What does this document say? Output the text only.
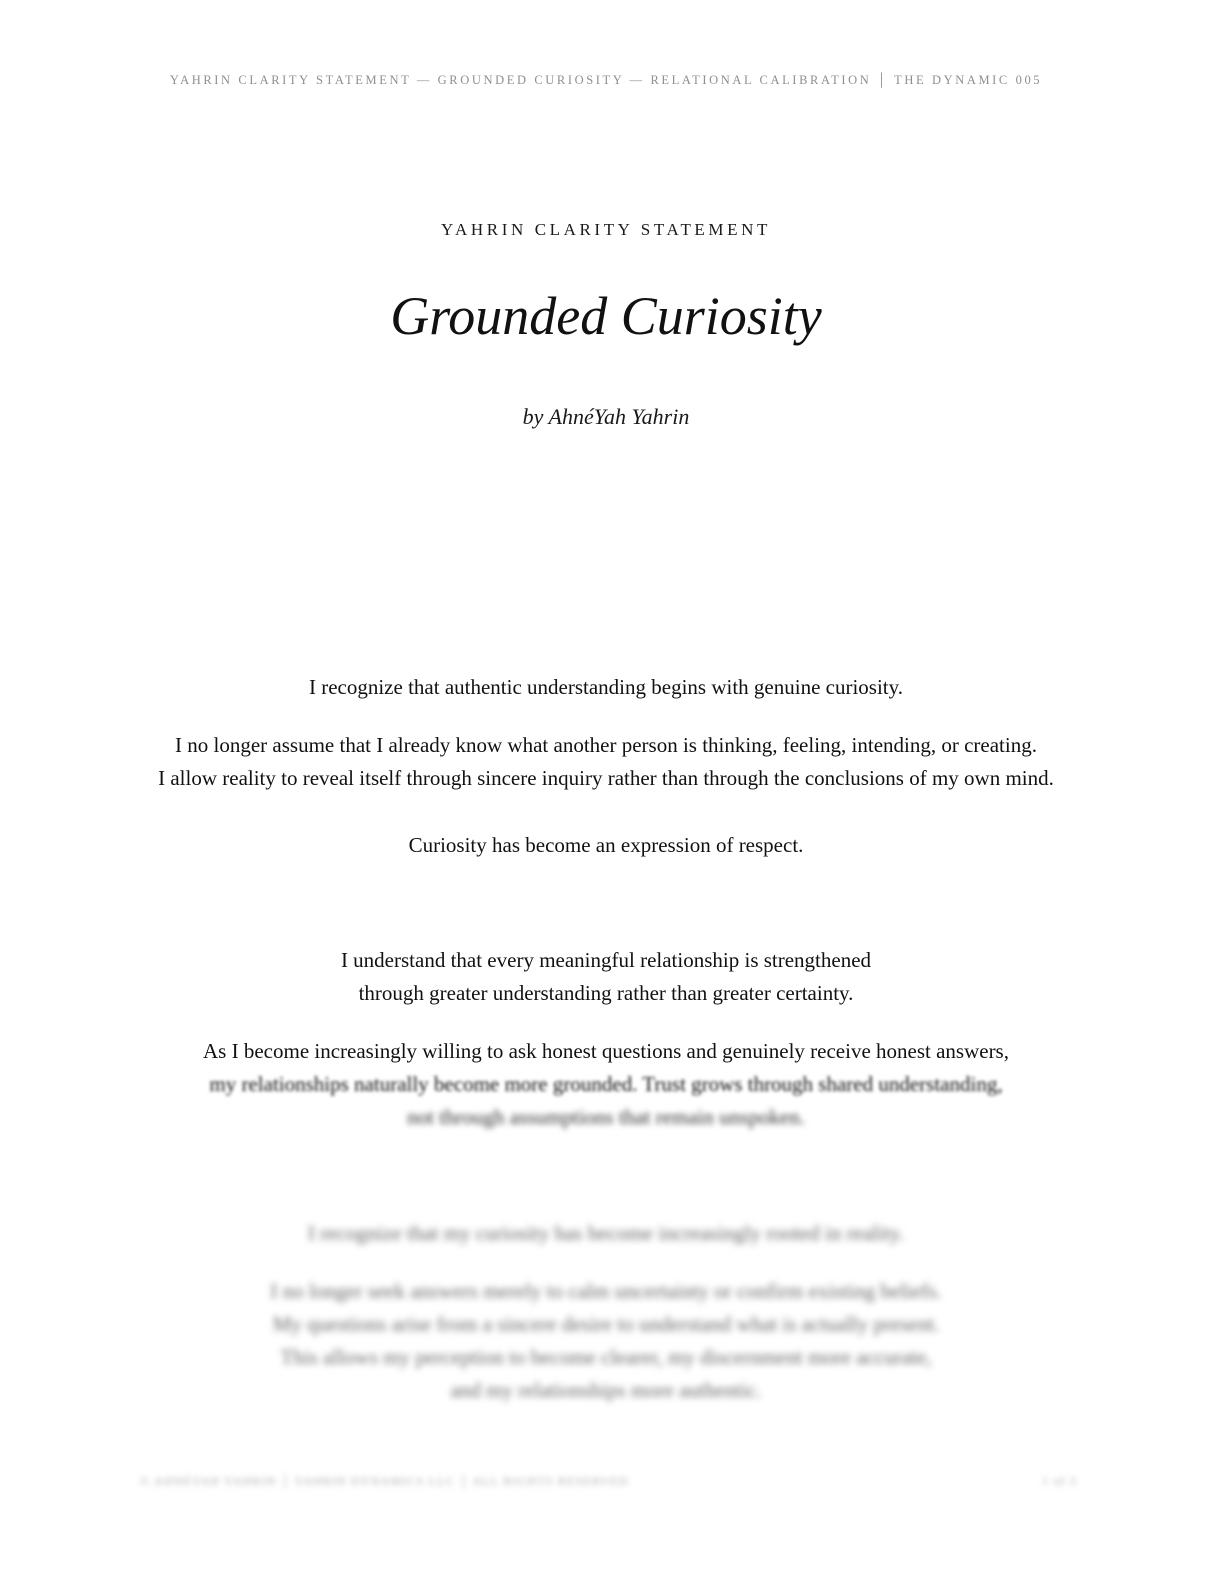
YAHRIN CLARITY STATEMENT — GROUNDED CURIOSITY — RELATIONAL CALIBRATION │ THE DYNAMIC 005
YAHRIN CLARITY STATEMENT
Grounded Curiosity
by AhnéYah Yahrin
I recognize that authentic understanding begins with genuine curiosity.
I no longer assume that I already know what another person is thinking, feeling, intending, or creating.
I allow reality to reveal itself through sincere inquiry rather than through the conclusions of my own mind.
Curiosity has become an expression of respect.
I understand that every meaningful relationship is strengthened
through greater understanding rather than greater certainty.
As I become increasingly willing to ask honest questions and genuinely receive honest answers,
my relationships naturally become more grounded. Trust grows through shared understanding,
not through assumptions that remain unspoken.
I recognize that my curiosity has become increasingly rooted in reality.
I no longer seek answers merely to calm uncertainty or confirm existing beliefs.
My questions arise from a sincere desire to understand what is actually present.
This allows my perception to become clearer, my discernment more accurate,
and my relationships more authentic.
© AHNÉYAH YAHRIN │ YAHRIN DYNAMICS LLC │ ALL RIGHTS RESERVED	1 of 3
